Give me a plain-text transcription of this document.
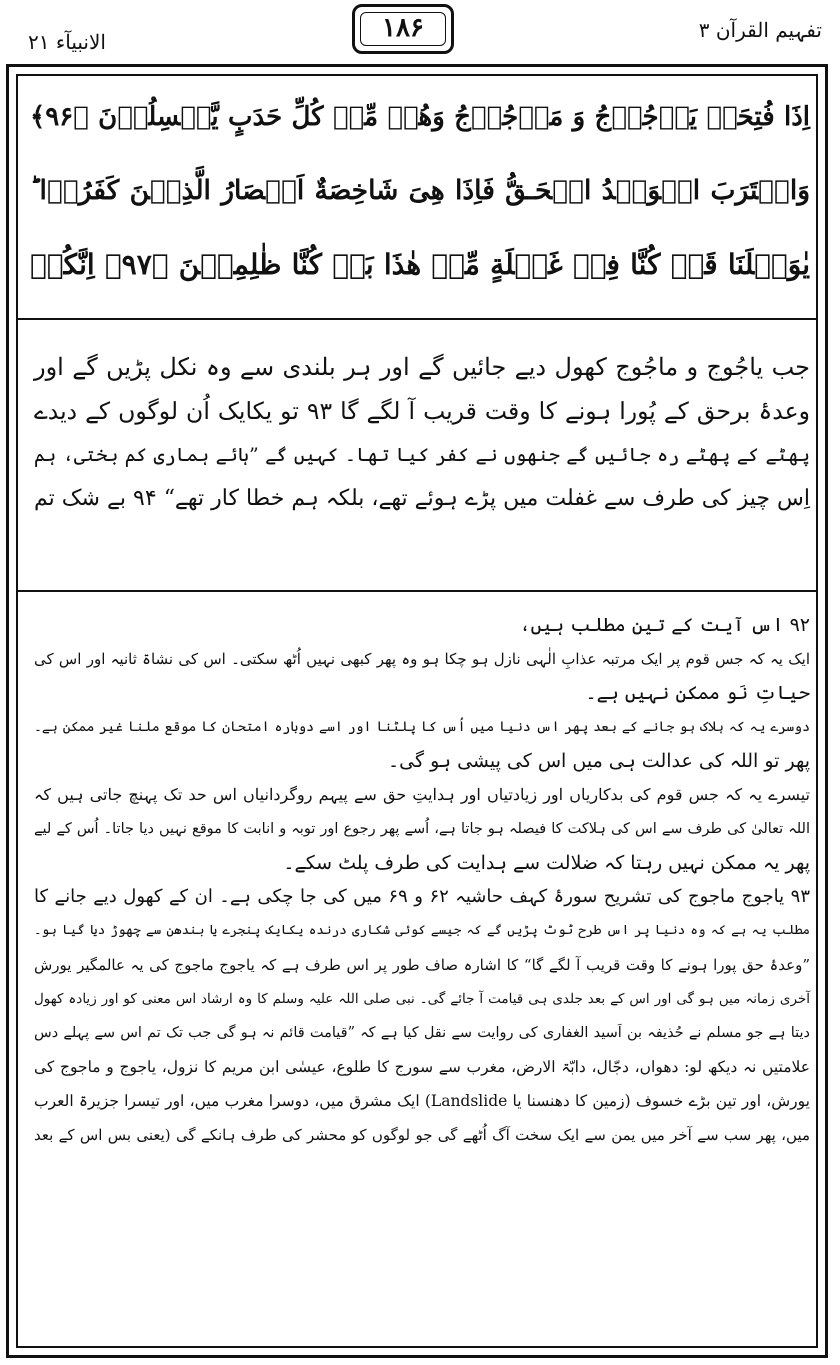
تفہیم القرآن ۳
۱۸۶
الانبیآء ۲۱
اِذَا فُتِحَتۡ يَاۡجُوۡجُ وَ مَاۡجُوۡجُ وَهُمۡ مِّنۡ كُلِّ حَدَبٍ يَّنۡسِلُوۡنَ ﴿۹۶﴾
وَاقۡتَرَبَ الۡوَعۡدُ الۡحَـقُّ فَاِذَا هِىَ شَاخِصَةٌ اَبۡصَارُ الَّذِيۡنَ كَفَرُوۡا ؕ
يٰوَيۡلَنَا قَدۡ كُنَّا فِىۡ غَفۡلَةٍ مِّنۡ هٰذَا بَلۡ كُنَّا ظٰلِمِيۡنَ ﴿۹۷﴾ اِنَّكُمۡ
جب یاجُوج و ماجُوج کھول دیے جائیں گے اور ہر بلندی سے وہ نکل پڑیں گے اور
وعدۂ برحق کے پُورا ہونے کا وقت قریب آ لگے گا ۹۳ تو یکایک اُن لوگوں کے دیدے
پھٹے کے پھٹے رہ جائیں گے جنھوں نے کفر کیا تھا۔ کہیں گے ”ہائے ہماری کم بختی، ہم
اِس چیز کی طرف سے غفلت میں پڑے ہوئے تھے، بلکہ ہم خطا کار تھے“ ۹۴ بے شک تم
۹۲ اس آیت کے تین مطلب ہیں،
ایک یہ کہ جس قوم پر ایک مرتبہ عذابِ الٰہی نازل ہو چکا ہو وہ پھر کبھی نہیں اُٹھ سکتی۔ اس کی نشاۃ ثانیہ اور اس کی
حیاتِ نَو ممکن نہیں ہے۔
دوسرے یہ کہ ہلاک ہو جانے کے بعد پھر اس دنیا میں اُس کا پلٹنا اور اسے دوبارہ امتحان کا موقع ملنا غیر ممکن ہے۔
پھر تو اللہ کی عدالت ہی میں اس کی پیشی ہو گی۔
تیسرے یہ کہ جس قوم کی بدکاریاں اور زیادتیاں اور ہدایتِ حق سے پیہم روگردانیاں اس حد تک پہنچ جاتی ہیں کہ
اللہ تعالیٰ کی طرف سے اس کی ہلاکت کا فیصلہ ہو جاتا ہے، اُسے پھر رجوع اور توبہ و انابت کا موقع نہیں دیا جاتا۔ اُس کے لیے
پھر یہ ممکن نہیں رہتا کہ ضلالت سے ہدایت کی طرف پلٹ سکے۔
۹۳ یاجوج ماجوج کی تشریح سورۂ کہف حاشیہ ۶۲ و ۶۹ میں کی جا چکی ہے۔ ان کے کھول دیے جانے کا
مطلب یہ ہے کہ وہ دنیا پر اس طرح ٹوٹ پڑیں گے کہ جیسے کوئی شکاری درندہ یکایک پنجرے یا بندھن سے چھوڑ دیا گیا ہو۔
”وعدۂ حق پورا ہونے کا وقت قریب آ لگے گا“ کا اشارہ صاف طور پر اس طرف ہے کہ یاجوج ماجوج کی یہ عالمگیر یورش
آخری زمانہ میں ہو گی اور اس کے بعد جلدی ہی قیامت آ جائے گی۔ نبی صلی اللہ علیہ وسلم کا وہ ارشاد اس معنی کو اور زیادہ کھول
دیتا ہے جو مسلم نے حُذیفہ بن اَسید الغفاری کی روایت سے نقل کیا ہے کہ ”قیامت قائم نہ ہو گی جب تک تم اس سے پہلے دس
علامتیں نہ دیکھ لو: دھواں، دجّال، دابّۃ الارض، مغرب سے سورج کا طلوع، عیسٰی ابن مریم کا نزول، یاجوج و ماجوج کی
یورش، اور تین بڑے خسوف (زمین کا دھنسنا یا Landslide) ایک مشرق میں، دوسرا مغرب میں، اور تیسرا جزیرۃ العرب
میں، پھر سب سے آخر میں یمن سے ایک سخت آگ اُٹھے گی جو لوگوں کو محشر کی طرف ہانکے گی (یعنی بس اس کے بعد
